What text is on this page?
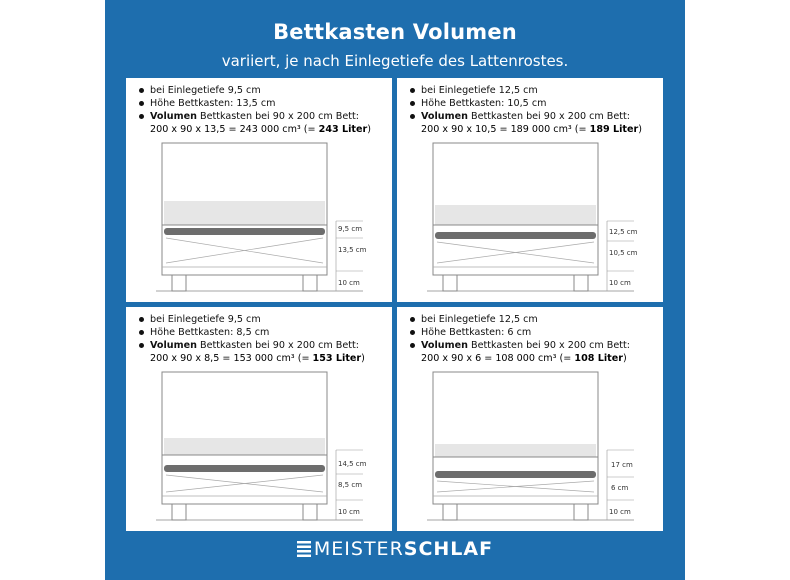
Bettkasten Volumen
variiert, je nach Einlegetiefe des Lattenrostes.
bei Einlegetiefe 9,5 cm
Höhe Bettkasten: 13,5 cm
Volumen Bettkasten bei 90 x 200 cm Bett:
200 x 90 x 13,5 = 243 000 cm³ (= 243 Liter)
9,5 cm
13,5 cm
10 cm
bei Einlegetiefe 12,5 cm
Höhe Bettkasten: 10,5 cm
Volumen Bettkasten bei 90 x 200 cm Bett:
200 x 90 x 10,5 = 189 000 cm³ (= 189 Liter)
12,5 cm
10,5 cm
10 cm
bei Einlegetiefe 9,5 cm
Höhe Bettkasten: 8,5 cm
Volumen Bettkasten bei 90 x 200 cm Bett:
200 x 90 x 8,5 = 153 000 cm³ (= 153 Liter)
14,5 cm
8,5 cm
10 cm
bei Einlegetiefe 12,5 cm
Höhe Bettkasten: 6 cm
Volumen Bettkasten bei 90 x 200 cm Bett:
200 x 90 x 6 = 108 000 cm³ (= 108 Liter)
17 cm
6 cm
10 cm
MEISTERSCHLAF
